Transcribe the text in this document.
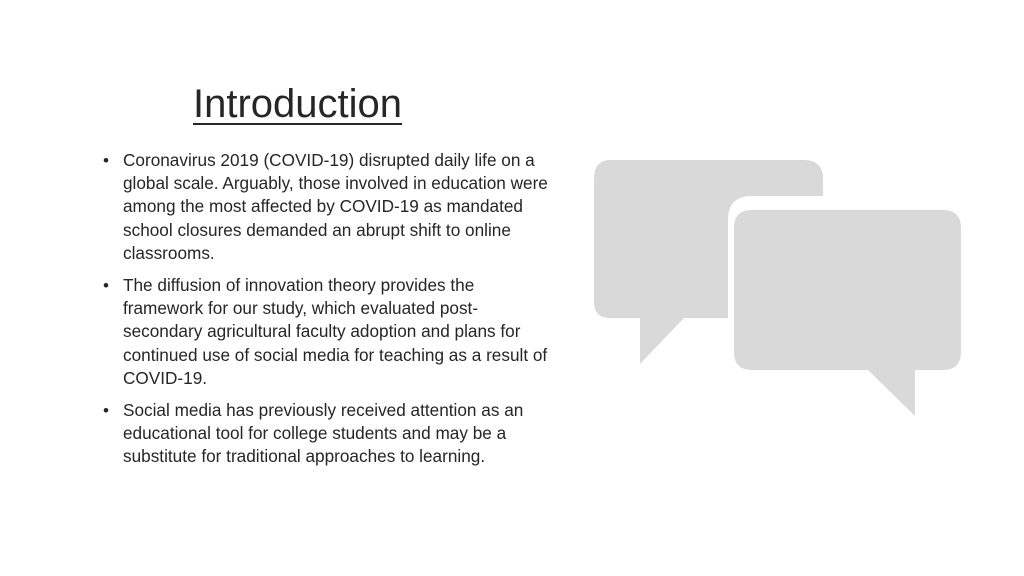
Introduction
• Coronavirus 2019 (COVID-19) disrupted daily life on a global scale. Arguably, those involved in education were among the most affected by COVID-19 as mandated school closures demanded an abrupt shift to online classrooms.
• The diffusion of innovation theory provides the framework for our study, which evaluated post-secondary agricultural faculty adoption and plans for continued use of social media for teaching as a result of COVID-19.
• Social media has previously received attention as an educational tool for college students and may be a substitute for traditional approaches to learning.
